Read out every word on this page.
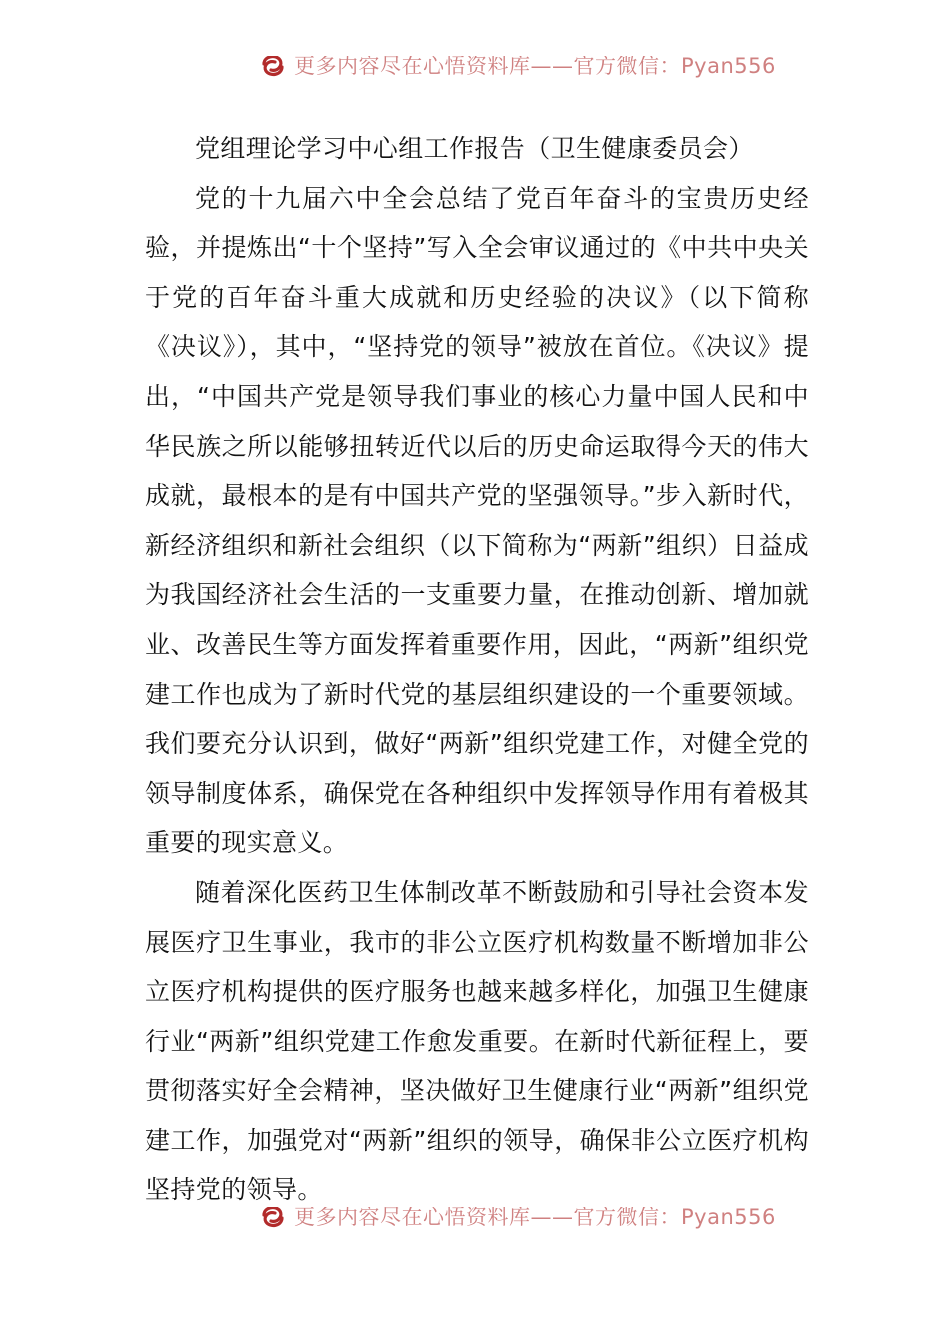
更多内容尽在心悟资料库——官方微信：Pyan556

党组理论学习中心组工作报告（卫生健康委员会）

党的十九届六中全会总结了党百年奋斗的宝贵历史经验，并提炼出“十个坚持”写入全会审议通过的《中共中央关于党的百年奋斗重大成就和历史经验的决议》（以下简称《决议》），其中，“坚持党的领导”被放在首位。《决议》提出，“中国共产党是领导我们事业的核心力量中国人民和中华民族之所以能够扭转近代以后的历史命运取得今天的伟大成就，最根本的是有中国共产党的坚强领导。”步入新时代，新经济组织和新社会组织（以下简称为“两新”组织）日益成为我国经济社会生活的一支重要力量，在推动创新、增加就业、改善民生等方面发挥着重要作用，因此，“两新”组织党建工作也成为了新时代党的基层组织建设的一个重要领域。我们要充分认识到，做好“两新”组织党建工作，对健全党的领导制度体系，确保党在各种组织中发挥领导作用有着极其重要的现实意义。

随着深化医药卫生体制改革不断鼓励和引导社会资本发展医疗卫生事业，我市的非公立医疗机构数量不断增加非公立医疗机构提供的医疗服务也越来越多样化，加强卫生健康行业“两新”组织党建工作愈发重要。在新时代新征程上，要贯彻落实好全会精神，坚决做好卫生健康行业“两新”组织党建工作，加强党对“两新”组织的领导，确保非公立医疗机构坚持党的领导。

更多内容尽在心悟资料库——官方微信：Pyan556
